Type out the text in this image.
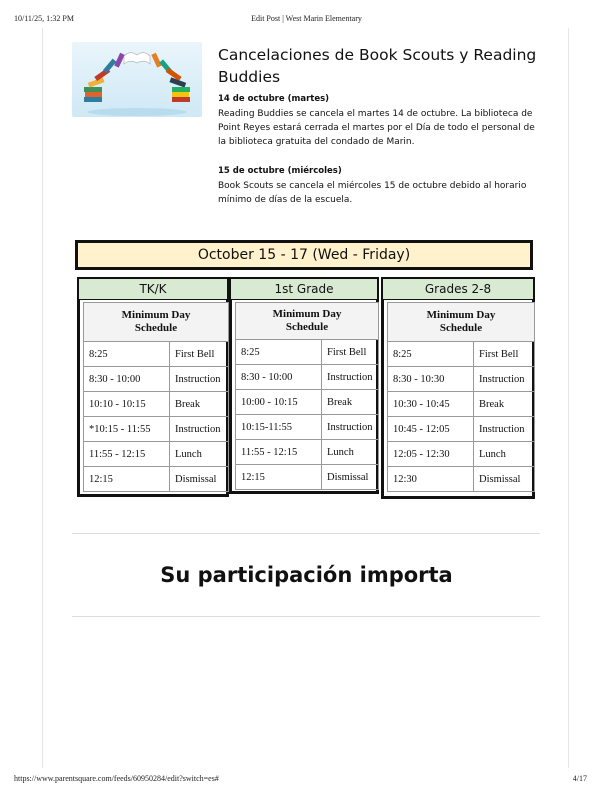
10/11/25, 1:32 PM	Edit Post | West Marin Elementary
Cancelaciones de Book Scouts y Reading
Buddies
14 de octubre (martes)
Reading Buddies se cancela el martes 14 de octubre. La biblioteca de
Point Reyes estará cerrada el martes por el Día de todo el personal de
la biblioteca gratuita del condado de Marin.
15 de octubre (miércoles)
Book Scouts se cancela el miércoles 15 de octubre debido al horario
mínimo de días de la escuela.
October 15 - 17 (Wed - Friday)
TK/K	1st Grade	Grades 2-8
Minimum Day
Schedule	

8:25	First Bell
8:30 - 10:00	Instruction
10:10 - 10:15	Break
*10:15 - 11:55	Instruction
11:55 - 12:15	Lunch
12:15	Dismissal
Minimum Day
Schedule	

8:25	First Bell
8:30 - 10:00	Instruction
10:00 - 10:15	Break
10:15-11:55	Instruction
11:55 - 12:15	Lunch
12:15	Dismissal
Minimum Day
Schedule	

8:25	First Bell
8:30 - 10:30	Instruction
10:30 - 10:45	Break
10:45 - 12:05	Instruction
12:05 - 12:30	Lunch
12:30	Dismissal
Su participación importa
https://www.parentsquare.com/feeds/60950284/edit?switch=es#	4/17
